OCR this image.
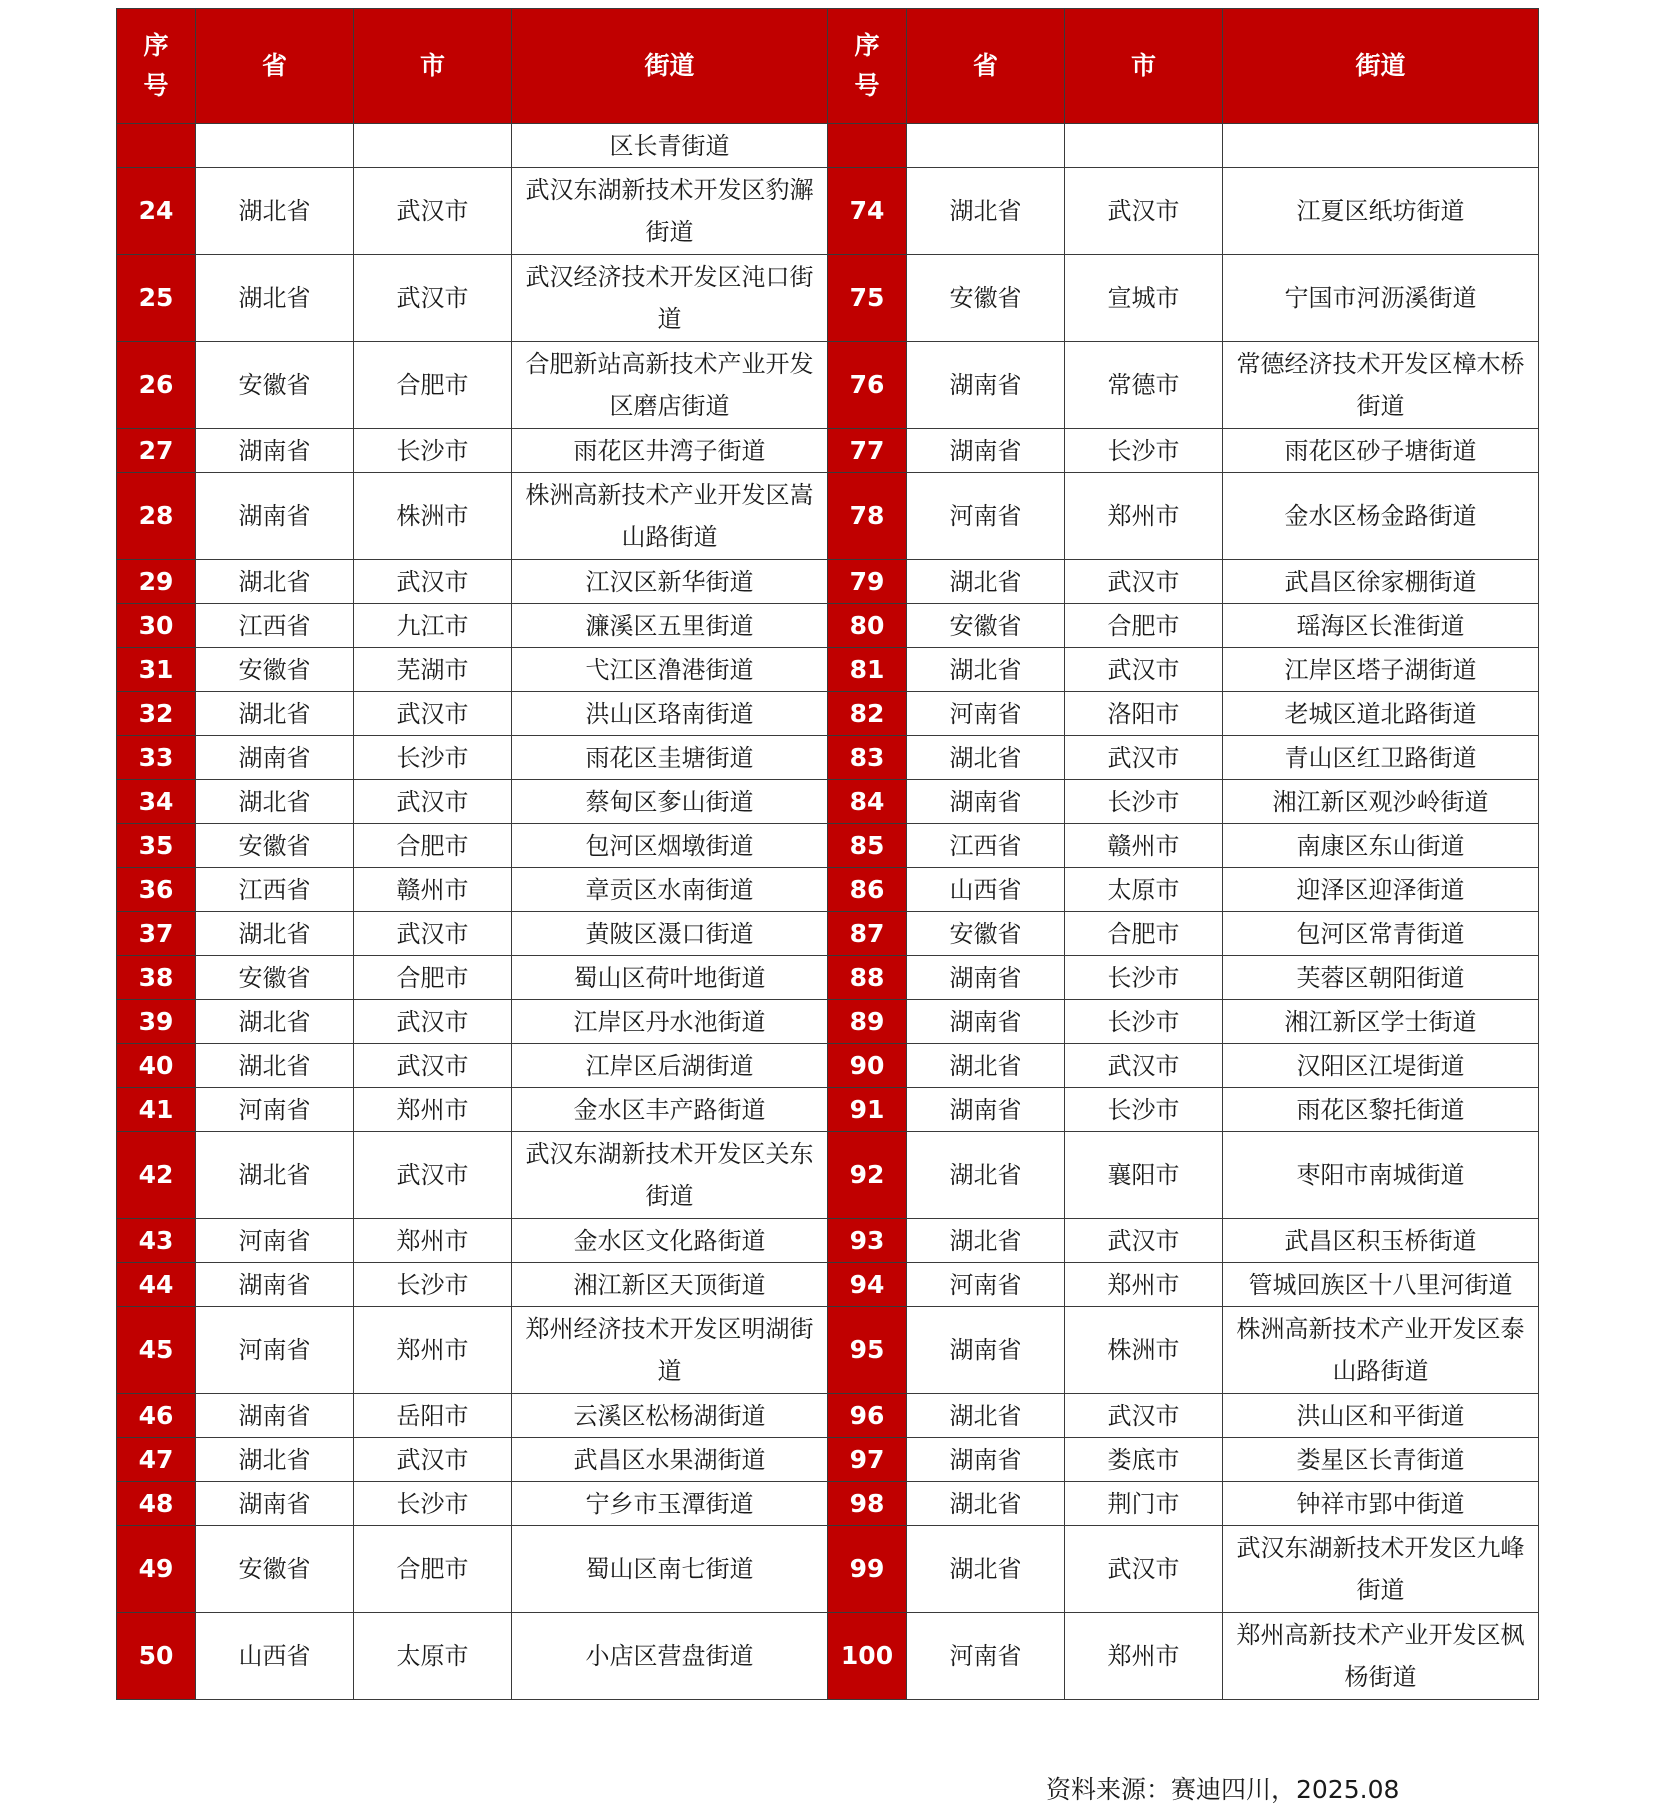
序号	省	市	街道	序号	省	市	街道
			区长青街道				
24	湖北省	武汉市	武汉东湖新技术开发区豹澥街道	74	湖北省	武汉市	江夏区纸坊街道
25	湖北省	武汉市	武汉经济技术开发区沌口街道	75	安徽省	宣城市	宁国市河沥溪街道
26	安徽省	合肥市	合肥新站高新技术产业开发区磨店街道	76	湖南省	常德市	常德经济技术开发区樟木桥街道
27	湖南省	长沙市	雨花区井湾子街道	77	湖南省	长沙市	雨花区砂子塘街道
28	湖南省	株洲市	株洲高新技术产业开发区嵩山路街道	78	河南省	郑州市	金水区杨金路街道
29	湖北省	武汉市	江汉区新华街道	79	湖北省	武汉市	武昌区徐家棚街道
30	江西省	九江市	濂溪区五里街道	80	安徽省	合肥市	瑶海区长淮街道
31	安徽省	芜湖市	弋江区澛港街道	81	湖北省	武汉市	江岸区塔子湖街道
32	湖北省	武汉市	洪山区珞南街道	82	河南省	洛阳市	老城区道北路街道
33	湖南省	长沙市	雨花区圭塘街道	83	湖北省	武汉市	青山区红卫路街道
34	湖北省	武汉市	蔡甸区奓山街道	84	湖南省	长沙市	湘江新区观沙岭街道
35	安徽省	合肥市	包河区烟墩街道	85	江西省	赣州市	南康区东山街道
36	江西省	赣州市	章贡区水南街道	86	山西省	太原市	迎泽区迎泽街道
37	湖北省	武汉市	黄陂区滠口街道	87	安徽省	合肥市	包河区常青街道
38	安徽省	合肥市	蜀山区荷叶地街道	88	湖南省	长沙市	芙蓉区朝阳街道
39	湖北省	武汉市	江岸区丹水池街道	89	湖南省	长沙市	湘江新区学士街道
40	湖北省	武汉市	江岸区后湖街道	90	湖北省	武汉市	汉阳区江堤街道
41	河南省	郑州市	金水区丰产路街道	91	湖南省	长沙市	雨花区黎托街道
42	湖北省	武汉市	武汉东湖新技术开发区关东街道	92	湖北省	襄阳市	枣阳市南城街道
43	河南省	郑州市	金水区文化路街道	93	湖北省	武汉市	武昌区积玉桥街道
44	湖南省	长沙市	湘江新区天顶街道	94	河南省	郑州市	管城回族区十八里河街道
45	河南省	郑州市	郑州经济技术开发区明湖街道	95	湖南省	株洲市	株洲高新技术产业开发区泰山路街道
46	湖南省	岳阳市	云溪区松杨湖街道	96	湖北省	武汉市	洪山区和平街道
47	湖北省	武汉市	武昌区水果湖街道	97	湖南省	娄底市	娄星区长青街道
48	湖南省	长沙市	宁乡市玉潭街道	98	湖北省	荆门市	钟祥市郢中街道
49	安徽省	合肥市	蜀山区南七街道	99	湖北省	武汉市	武汉东湖新技术开发区九峰街道
50	山西省	太原市	小店区营盘街道	100	河南省	郑州市	郑州高新技术产业开发区枫杨街道
资料来源：赛迪四川，2025.08
